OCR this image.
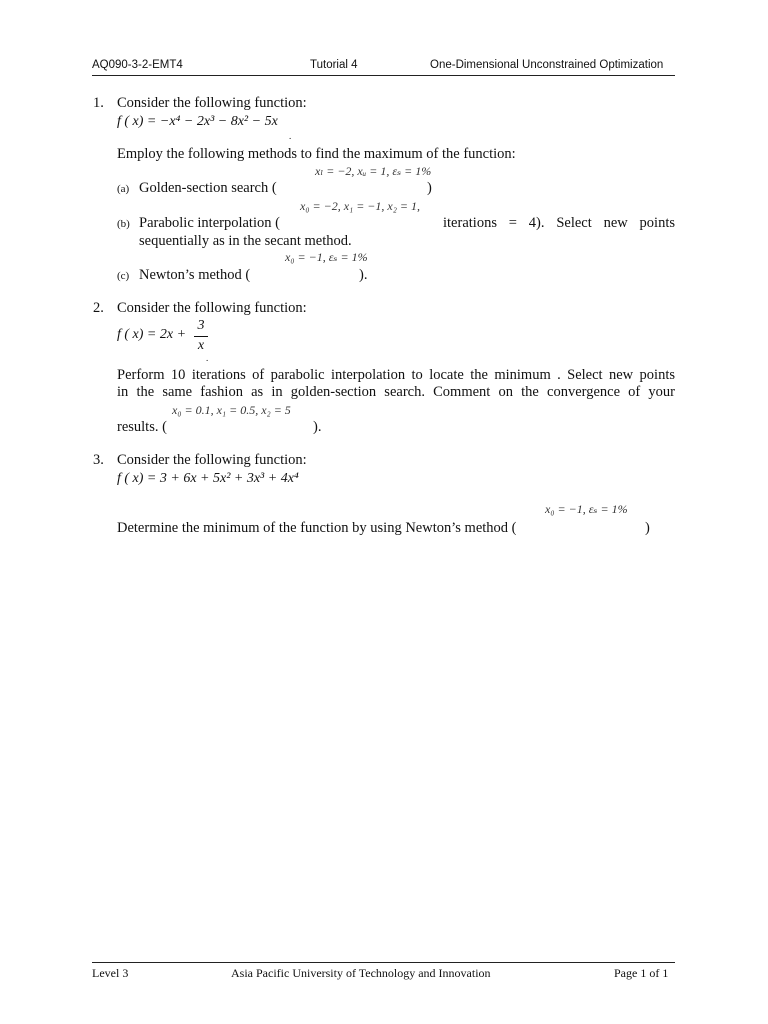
AQ090-3-2-EMT4	Tutorial 4	One-Dimensional Unconstrained Optimization
1. Consider the following function:
f ( x) = −x⁴ − 2x³ − 8x² − 5x
.
Employ the following methods to find the maximum of the function:
xₗ = −2, xᵤ = 1, εₛ = 1%
(a) Golden-section search (	)
x₀ = −2, x₁ = −1, x₂ = 1,
(b) Parabolic interpolation (	iterations = 4). Select new points
sequentially as in the secant method.
x₀ = −1, εₛ = 1%
(c) Newton’s method (	).
2. Consider the following function:
f ( x) = 2x +
3
x
.
Perform 10 iterations of parabolic interpolation to locate the minimum . Select new points
in the same fashion as in golden-section search. Comment on the convergence of your
x₀ = 0.1, x₁ = 0.5, x₂ = 5
results. (	).
3. Consider the following function:
f ( x) = 3 + 6x + 5x² + 3x³ + 4x⁴
x₀ = −1, εₛ = 1%
Determine the minimum of the function by using Newton’s method (	)
Level 3	Asia Pacific University of Technology and Innovation	Page 1 of 1
